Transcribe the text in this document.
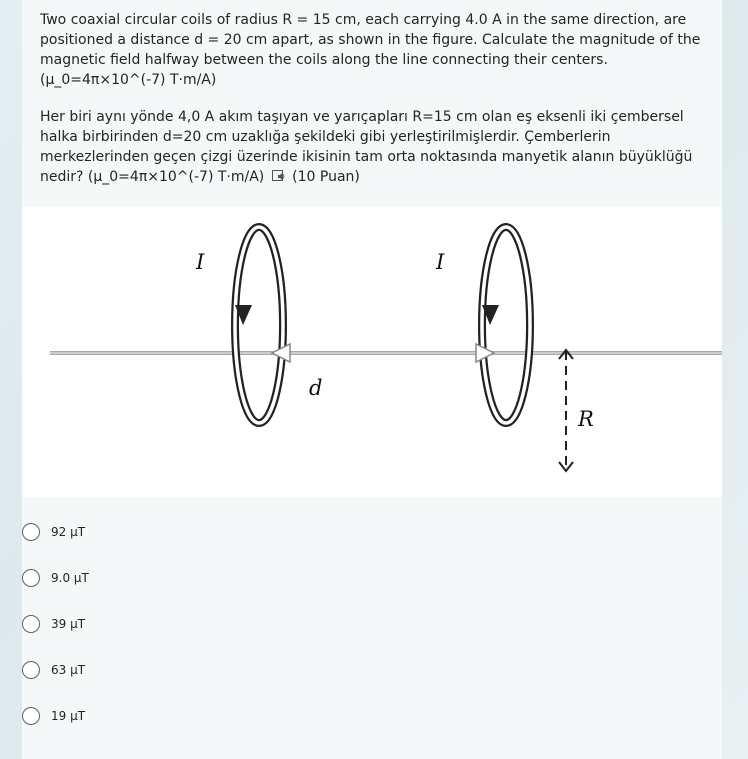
Two coaxial circular coils of radius R = 15 cm, each carrying 4.0 A in the same direction, are positioned a distance d = 20 cm apart, as shown in the figure. Calculate the magnitude of the magnetic field halfway between the coils along the line connecting their centers.
(μ_0=4π×10^(-7) T·m/A)

Her biri aynı yönde 4,0 A akım taşıyan ve yarıçapları R=15 cm olan eş eksenli iki çembersel halka birbirinden d=20 cm uzaklığa şekildeki gibi yerleştirilmişlerdir. Çemberlerin merkezlerinden geçen çizgi üzerinde ikisinin tam orta noktasında manyetik alanın büyüklüğü nedir? (μ_0=4π×10^(-7) T·m/A) (10 Puan)

I	I
d
R
92 µT
9.0 µT
39 µT
63 µT
19 µT
